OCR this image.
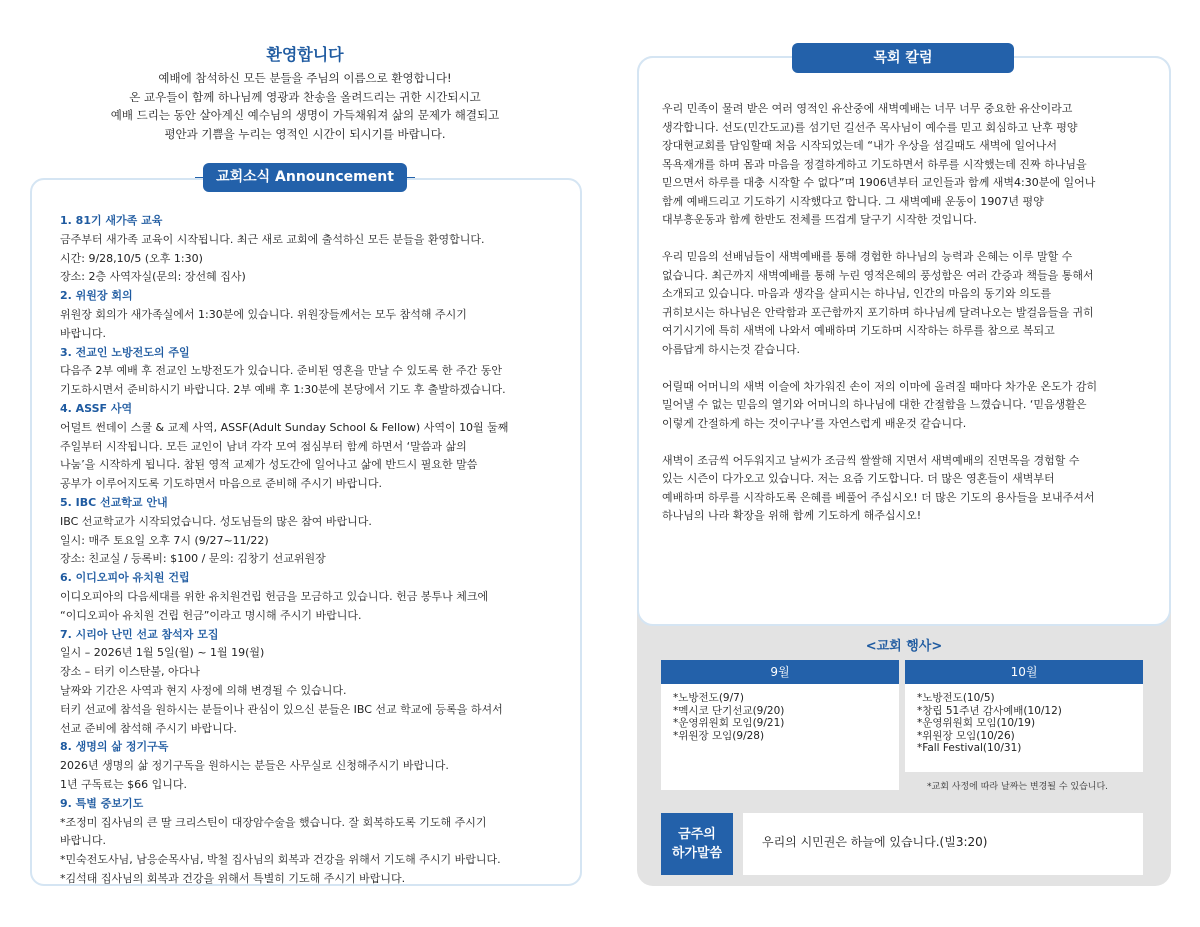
환영합니다
예배에 참석하신 모든 분들을 주님의 이름으로 환영합니다!
온 교우들이 함께 하나님께 영광과 찬송을 올려드리는 귀한 시간되시고
예배 드리는 동안 살아계신 예수님의 생명이 가득채워져 삶의 문제가 해결되고
평안과 기쁨을 누리는 영적인 시간이 되시기를 바랍니다.
교회소식 Announcement
1. 81기 새가족 교육
금주부터 새가족 교육이 시작됩니다. 최근 새로 교회에 출석하신 모든 분들을 환영합니다.
시간: 9/28,10/5 (오후 1:30)
장소: 2층 사역자실(문의: 장선혜 집사)
2. 위원장 회의
위원장 회의가 새가족실에서 1:30분에 있습니다. 위원장들께서는 모두 참석해 주시기
바랍니다.
3. 전교인 노방전도의 주일
다음주 2부 예배 후 전교인 노방전도가 있습니다. 준비된 영혼을 만날 수 있도록 한 주간 동안
기도하시면서 준비하시기 바랍니다. 2부 예배 후 1:30분에 본당에서 기도 후 출발하겠습니다.
4. ASSF 사역
어덜트 썬데이 스쿨 & 교제 사역, ASSF(Adult Sunday School & Fellow) 사역이 10월 둘째
주일부터 시작됩니다. 모든 교인이 남녀 각각 모여 점심부터 함께 하면서 ‘말씀과 삶의
나눔’을 시작하게 됩니다. 참된 영적 교제가 성도간에 일어나고 삶에 반드시 필요한 말씀
공부가 이루어지도록 기도하면서 마음으로 준비해 주시기 바랍니다.
5. IBC 선교학교 안내
IBC 선교학교가 시작되었습니다. 성도님들의 많은 참여 바랍니다.
일시: 매주 토요일 오후 7시 (9/27~11/22)
장소: 친교실 / 등록비: $100 / 문의: 김창기 선교위원장
6. 이디오피아 유치원 건립
이디오피아의 다음세대를 위한 유치원건립 헌금을 모금하고 있습니다. 헌금 봉투나 체크에
“이디오피아 유치원 건립 헌금”이라고 명시해 주시기 바랍니다.
7. 시리아 난민 선교 참석자 모집
일시 – 2026년 1월 5일(월) ~ 1월 19(월)
장소 – 터키 이스탄불, 아다나
날짜와 기간은 사역과 현지 사정에 의해 변경될 수 있습니다.
터키 선교에 참석을 원하시는 분들이나 관심이 있으신 분들은 IBC 선교 학교에 등록을 하셔서
선교 준비에 참석해 주시기 바랍니다.
8. 생명의 삶 정기구독
2026년 생명의 삶 정기구독을 원하시는 분들은 사무실로 신청해주시기 바랍니다.
1년 구독료는 $66 입니다.
9. 특별 중보기도
*조정미 집사님의 큰 딸 크리스틴이 대장암수술을 했습니다. 잘 회복하도록 기도해 주시기
바랍니다.
*민숙전도사님, 남응순목사님, 박철 집사님의 회복과 건강을 위해서 기도해 주시기 바랍니다.
*김석태 집사님의 회복과 건강을 위해서 특별히 기도해 주시기 바랍니다.
목회 칼럼
우리 민족이 물려 받은 여러 영적인 유산중에 새벽예배는 너무 너무 중요한 유산이라고
생각합니다. 선도(민간도교)를 섬기던 길선주 목사님이 예수를 믿고 회심하고 난후 평양
장대현교회를 담임할때 처음 시작되었는데 “내가 우상을 섬길때도 새벽에 일어나서
목욕재개를 하며 몸과 마음을 정결하게하고 기도하면서 하루를 시작했는데 진짜 하나님을
믿으면서 하루를 대충 시작할 수 없다”며 1906년부터 교인들과 함께 새벽4:30분에 일어나
함께 예배드리고 기도하기 시작했다고 합니다. 그 새벽예배 운동이 1907년 평양
대부흥운동과 함께 한반도 전체를 뜨겁게 달구기 시작한 것입니다.
우리 믿음의 선배님들이 새벽예배를 통해 경험한 하나님의 능력과 은혜는 이루 말할 수
없습니다. 최근까지 새벽예배를 통해 누린 영적은혜의 풍성함은 여러 간증과 책들을 통해서
소개되고 있습니다. 마음과 생각을 살피시는 하나님, 인간의 마음의 동기와 의도를
귀히보시는 하나님은 안락함과 포근함까지 포기하며 하나님께 달려나오는 발걸음들을 귀히
여기시기에 특히 새벽에 나와서 예배하며 기도하며 시작하는 하루를 참으로 복되고
아름답게 하시는것 같습니다.
어릴때 어머니의 새벽 이슬에 차가워진 손이 저의 이마에 올려질 때마다 차가운 온도가 감히
밀어낼 수 없는 믿음의 열기와 어머니의 하나님에 대한 간절함을 느꼈습니다. ‘믿음생활은
이렇게 간절하게 하는 것이구나’를 자연스럽게 배운것 같습니다.
새벽이 조금씩 어두워지고 날씨가 조금씩 쌀쌀해 지면서 새벽예배의 진면목을 경험할 수
있는 시즌이 다가오고 있습니다. 저는 요즘 기도합니다. 더 많은 영혼들이 새벽부터
예배하며 하루를 시작하도록 은혜를 베풀어 주십시오! 더 많은 기도의 용사들을 보내주셔서
하나님의 나라 확장을 위해 함께 기도하게 해주십시오!
<교회 행사>
9월
*노방전도(9/7)
*멕시코 단기선교(9/20)
*운영위원회 모임(9/21)
*위원장 모임(9/28)
10월
*노방전도(10/5)
*창립 51주년 감사예배(10/12)
*운영위원회 모임(10/19)
*위원장 모임(10/26)
*Fall Festival(10/31)
*교회 사정에 따라 날짜는 변경될 수 있습니다.
금주의
하가말씀
우리의 시민권은 하늘에 있습니다.(빌3:20)
